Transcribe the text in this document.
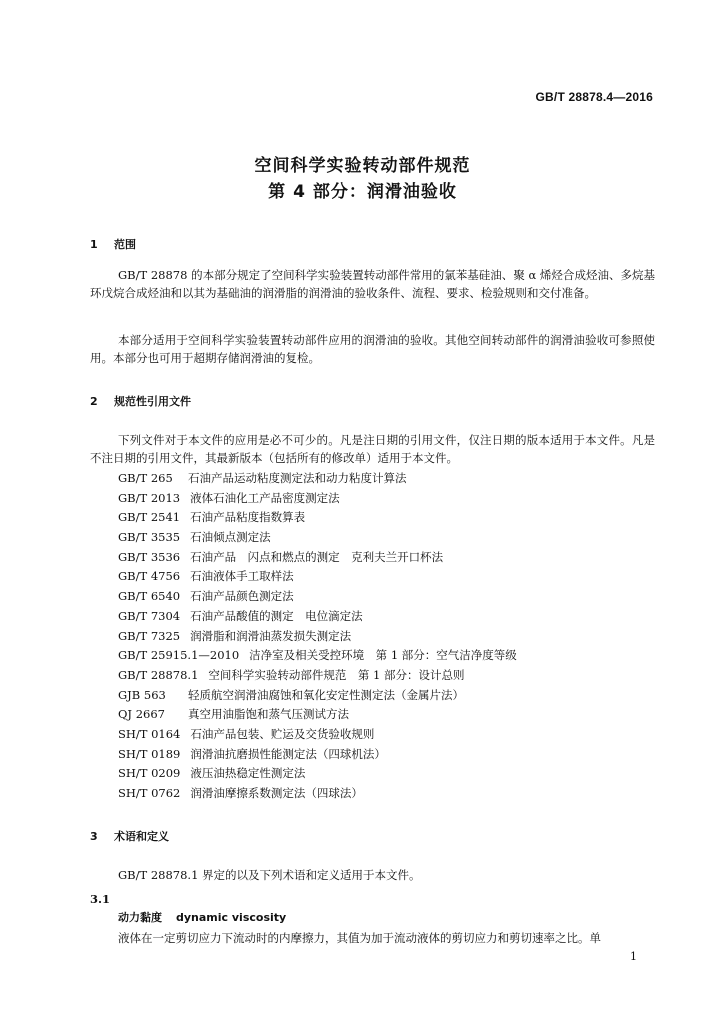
GB/T 28878.4—2016
空间科学实验转动部件规范
第 4 部分：润滑油验收
1 范围
GB/T 28878 的本部分规定了空间科学实验装置转动部件常用的氯苯基硅油、聚 α 烯烃合成烃油、多烷基环戊烷合成烃油和以其为基础油的润滑脂的润滑油的验收条件、流程、要求、检验规则和交付准备。
本部分适用于空间科学实验装置转动部件应用的润滑油的验收。其他空间转动部件的润滑油验收可参照使用。本部分也可用于超期存储润滑油的复检。
2 规范性引用文件
下列文件对于本文件的应用是必不可少的。凡是注日期的引用文件，仅注日期的版本适用于本文件。凡是不注日期的引用文件，其最新版本（包括所有的修改单）适用于本文件。
GB/T 265 石油产品运动粘度测定法和动力粘度计算法
GB/T 2013 液体石油化工产品密度测定法
GB/T 2541 石油产品粘度指数算表
GB/T 3535 石油倾点测定法
GB/T 3536 石油产品　闪点和燃点的测定　克利夫兰开口杯法
GB/T 4756 石油液体手工取样法
GB/T 6540 石油产品颜色测定法
GB/T 7304 石油产品酸值的测定　电位滴定法
GB/T 7325 润滑脂和润滑油蒸发损失测定法
GB/T 25915.1—2010 洁净室及相关受控环境　第 1 部分：空气洁净度等级
GB/T 28878.1 空间科学实验转动部件规范　第 1 部分：设计总则
GJB 563 轻质航空润滑油腐蚀和氧化安定性测定法（金属片法）
QJ 2667 真空用油脂饱和蒸气压测试方法
SH/T 0164 石油产品包装、贮运及交货验收规则
SH/T 0189 润滑油抗磨损性能测定法（四球机法）
SH/T 0209 液压油热稳定性测定法
SH/T 0762 润滑油摩擦系数测定法（四球法）
3 术语和定义
GB/T 28878.1 界定的以及下列术语和定义适用于本文件。
3.1
动力黏度 dynamic viscosity
液体在一定剪切应力下流动时的内摩擦力，其值为加于流动液体的剪切应力和剪切速率之比。单
1
